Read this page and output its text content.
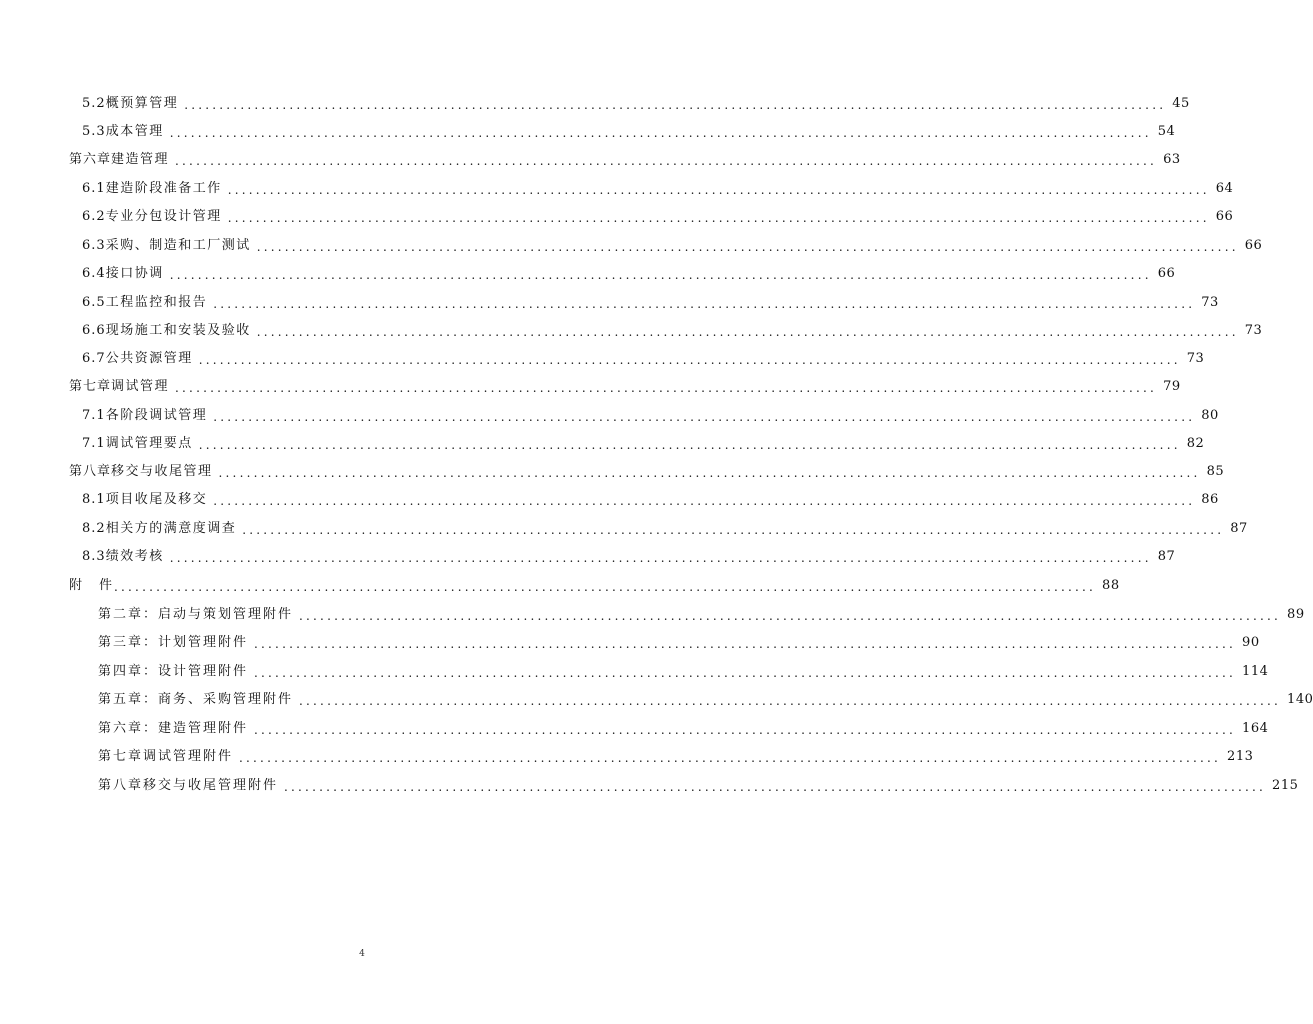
5.2 概预算管理 ............................................................................................................................................ 45
5.3 成本管理 ............................................................................................................................................ 54
第六章 建造管理 ............................................................................................................................................ 63
6.1 建造阶段准备工作 ............................................................................................................................................ 64
6.2 专业分包设计管理 ............................................................................................................................................ 66
6.3 采购、制造和工厂测试 ............................................................................................................................................ 66
6.4 接口协调 ............................................................................................................................................ 66
6.5 工程监控和报告 ............................................................................................................................................ 73
6.6 现场施工和安装及验收 ............................................................................................................................................ 73
6.7 公共资源管理 ............................................................................................................................................ 73
第七章 调试管理 ............................................................................................................................................ 79
7.1 各阶段调试管理 ............................................................................................................................................ 80
7.1 调试管理要点 ............................................................................................................................................ 82
第八章 移交与收尾管理 ............................................................................................................................................ 85
8.1 项目收尾及移交 ............................................................................................................................................ 86
8.2 相关方的满意度调查 ............................................................................................................................................ 87
8.3 绩效考核 ............................................................................................................................................ 87
附　件 ............................................................................................................................................ 88
第二章：启动与策划管理附件 ............................................................................................................................................ 89
第三章：计划管理附件 ............................................................................................................................................ 90
第四章：设计管理附件 ............................................................................................................................................ 114
第五章：商务、采购管理附件 ............................................................................................................................................ 140
第六章：建造管理附件 ............................................................................................................................................ 164
第七章调试管理附件 ............................................................................................................................................ 213
第八章移交与收尾管理附件 ............................................................................................................................................ 215
4
